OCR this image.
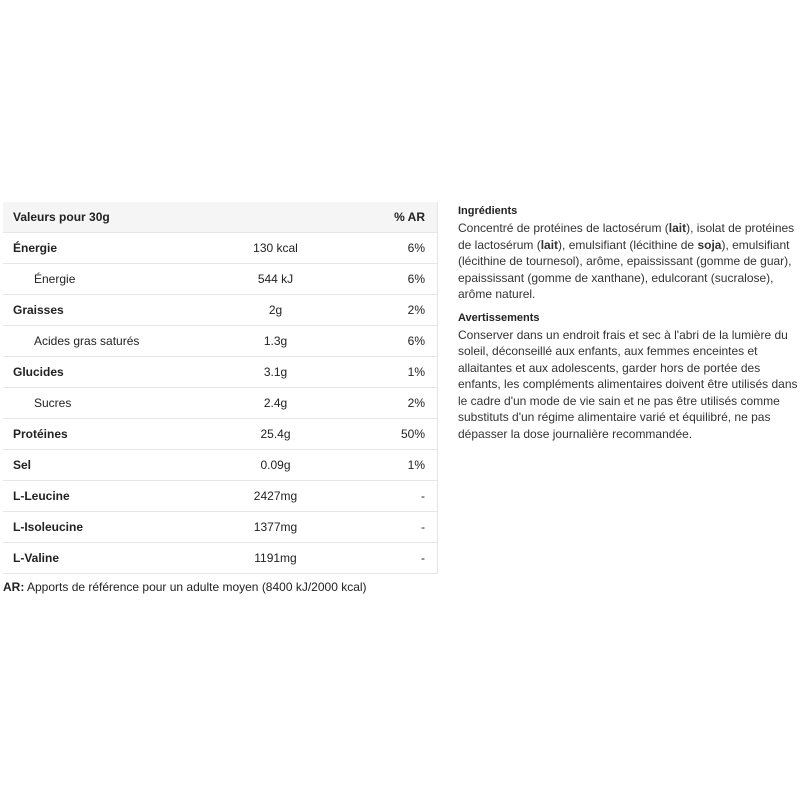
Valeurs pour 30g		% AR
Énergie	130 kcal	6%
Énergie	544 kJ	6%
Graisses	2g	2%
Acides gras saturés	1.3g	6%
Glucides	3.1g	1%
Sucres	2.4g	2%
Protéines	25.4g	50%
Sel	0.09g	1%
L-Leucine	2427mg	-
L-Isoleucine	1377mg	-
L-Valine	1191mg	-
AR: Apports de référence pour un adulte moyen (8400 kJ/2000 kcal)
Ingrédients

Concentré de protéines de lactosérum (lait), isolat de protéines de lactosérum (lait), emulsifiant (lécithine de soja), emulsifiant (lécithine de tournesol), arôme, epaississant (gomme de guar), epaississant (gomme de xanthane), edulcorant (sucralose), arôme naturel.

Avertissements

Conserver dans un endroit frais et sec à l'abri de la lumière du soleil, déconseillé aux enfants, aux femmes enceintes et allaitantes et aux adolescents, garder hors de portée des enfants, les compléments alimentaires doivent être utilisés dans le cadre d'un mode de vie sain et ne pas être utilisés comme substituts d'un régime alimentaire varié et équilibré, ne pas dépasser la dose journalière recommandée.
